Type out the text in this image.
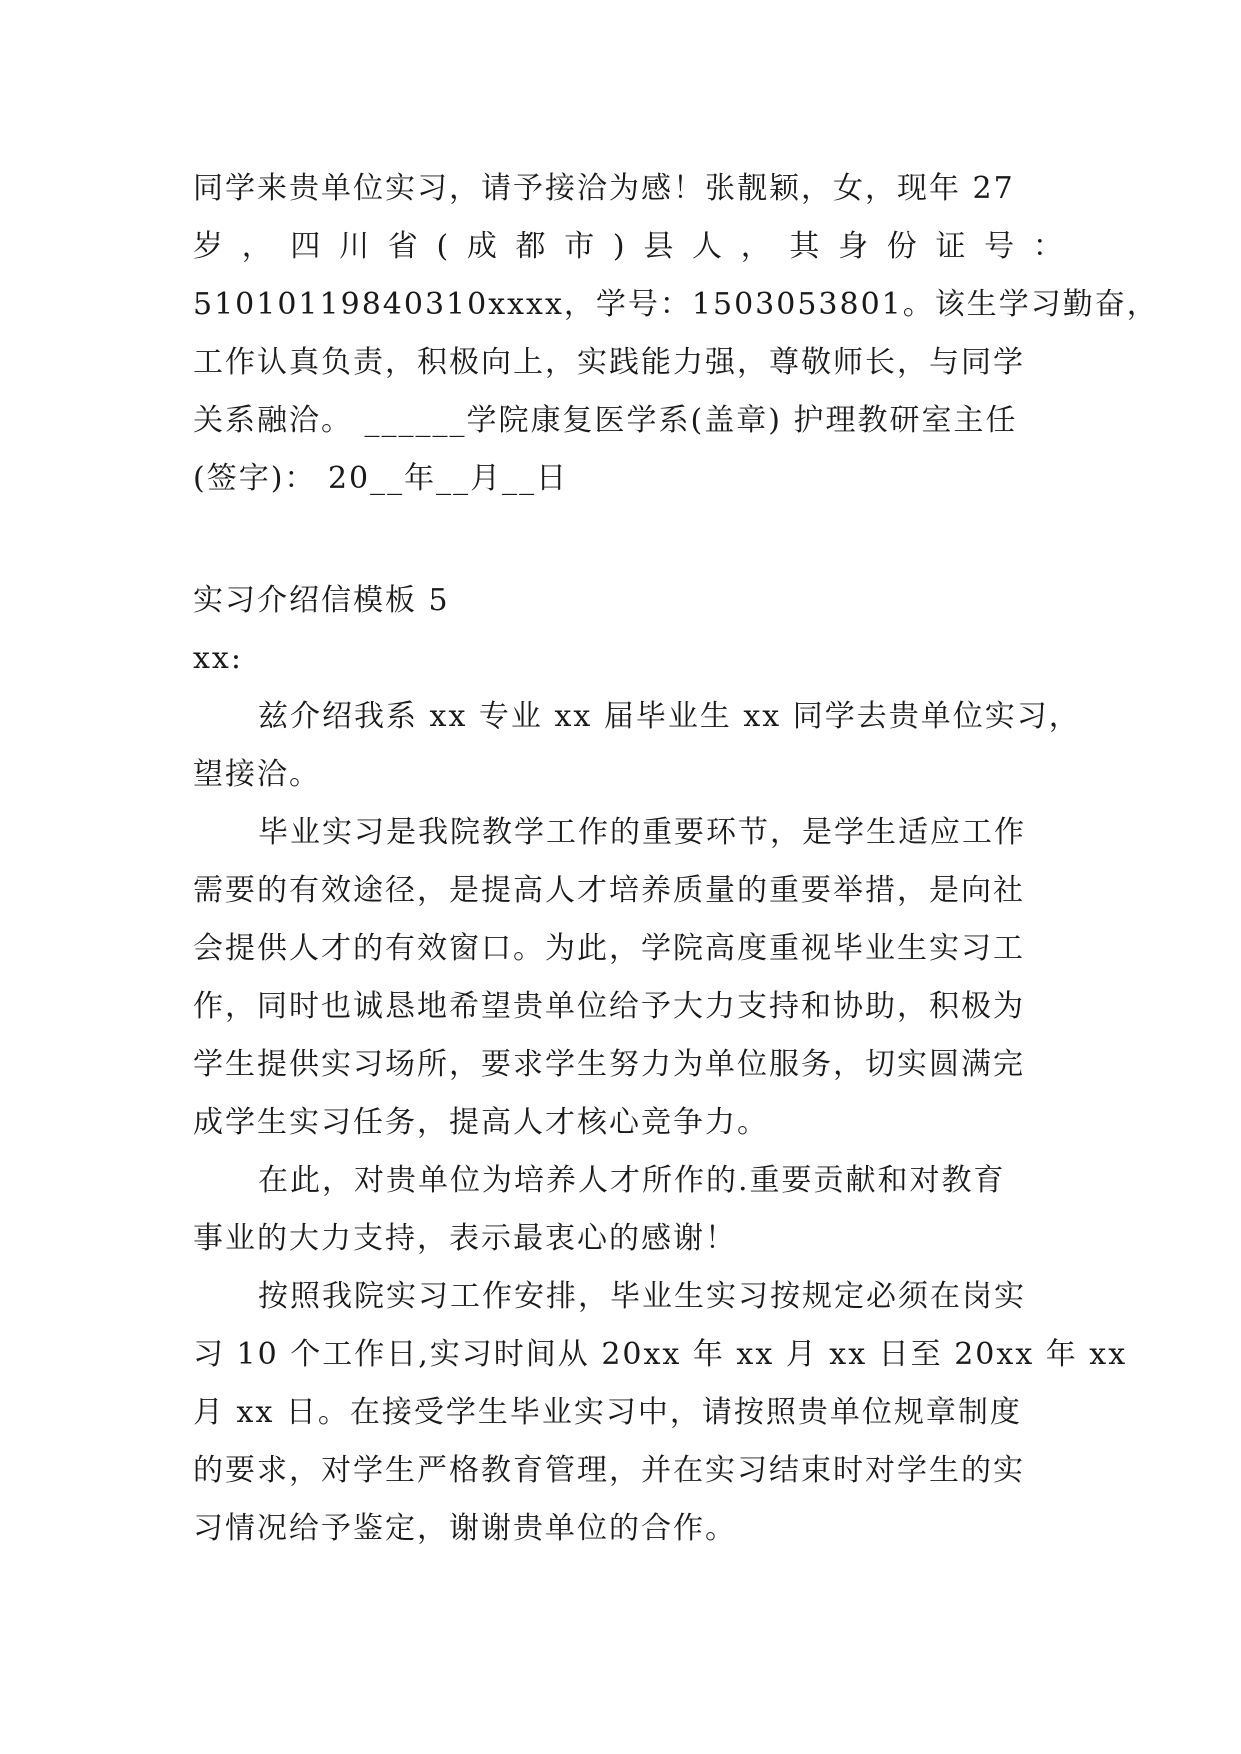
同学来贵单位实习，请予接洽为感！张靓颖，女，现年 27
岁 ， 四 川 省 ( 成 都 市 ) 县 人 ， 其 身 份 证 号 ：
51010119840310xxxx，学号：1503053801。该生学习勤奋，
工作认真负责，积极向上，实践能力强，尊敬师长，与同学
关系融洽。 ______学院康复医学系(盖章) 护理教研室主任
(签字)： 20__年__月__日
实习介绍信模板 5
xx:
兹介绍我系 xx 专业 xx 届毕业生 xx 同学去贵单位实习，
望接洽。
毕业实习是我院教学工作的重要环节，是学生适应工作
需要的有效途径，是提高人才培养质量的重要举措，是向社
会提供人才的有效窗口。为此，学院高度重视毕业生实习工
作，同时也诚恳地希望贵单位给予大力支持和协助，积极为
学生提供实习场所，要求学生努力为单位服务，切实圆满完
成学生实习任务，提高人才核心竞争力。
在此，对贵单位为培养人才所作的.重要贡献和对教育
事业的大力支持，表示最衷心的感谢！
按照我院实习工作安排，毕业生实习按规定必须在岗实
习 10 个工作日,实习时间从 20xx 年 xx 月 xx 日至 20xx 年 xx
月 xx 日。在接受学生毕业实习中，请按照贵单位规章制度
的要求，对学生严格教育管理，并在实习结束时对学生的实
习情况给予鉴定，谢谢贵单位的合作。
